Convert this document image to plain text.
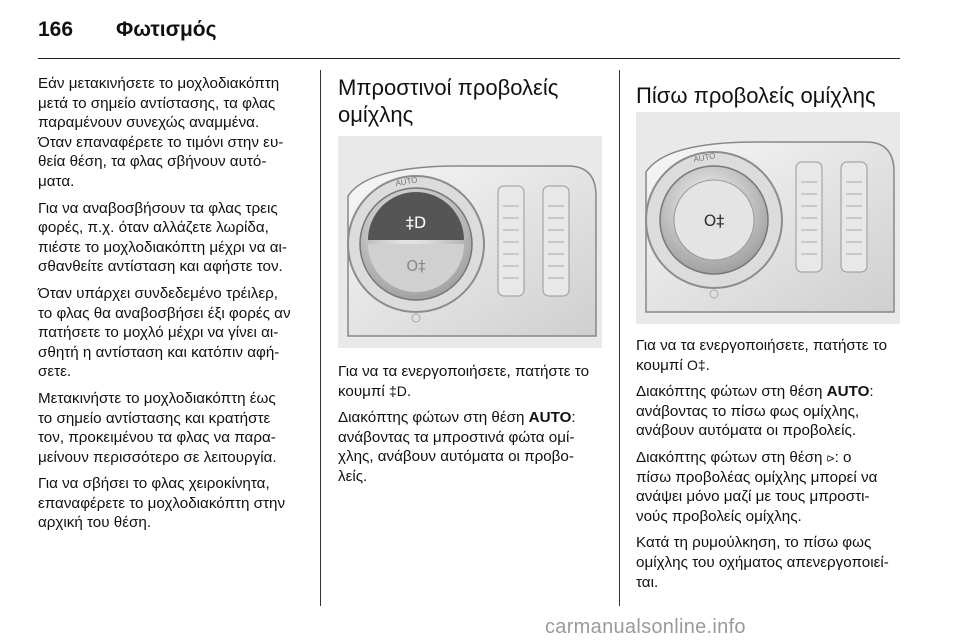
166 Φωτισμός

Εάν μετακινήσετε το μοχλοδιακόπτη
μετά το σημείο αντίστασης, τα φλας
παραμένουν συνεχώς αναμμένα.
Όταν επαναφέρετε το τιμόνι στην ευ-
θεία θέση, τα φλας σβήνουν αυτό-
ματα.

Για να αναβοσβήσουν τα φλας τρεις
φορές, π.χ. όταν αλλάζετε λωρίδα,
πιέστε το μοχλοδιακόπτη μέχρι να αι-
σθανθείτε αντίσταση και αφήστε τον.

Όταν υπάρχει συνδεδεμένο τρέιλερ,
το φλας θα αναβοσβήσει έξι φορές αν
πατήσετε το μοχλό μέχρι να γίνει αι-
σθητή η αντίσταση και κατόπιν αφή-
σετε.

Μετακινήστε το μοχλοδιακόπτη έως
το σημείο αντίστασης και κρατήστε
τον, προκειμένου τα φλας να παρα-
μείνουν περισσότερο σε λειτουργία.

Για να σβήσει το φλας χειροκίνητα,
επαναφέρετε το μοχλοδιακόπτη στην
αρχική του θέση.

Μπροστινοί προβολείς
ομίχλης

Για να τα ενεργοποιήσετε, πατήστε το
κουμπί ‡D.

Διακόπτης φώτων στη θέση AUTO:
ανάβοντας τα μπροστινά φώτα ομί-
χλης, ανάβουν αυτόματα οι προβο-
λείς.

‡D
O‡
AUTO
Πίσω προβολείς ομίχλης

Για να τα ενεργοποιήσετε, πατήστε το
κουμπί O‡.

Διακόπτης φώτων στη θέση AUTO:
ανάβοντας το πίσω φως ομίχλης,
ανάβουν αυτόματα οι προβολείς.

Διακόπτης φώτων στη θέση ⪧: ο
πίσω προβολέας ομίχλης μπορεί να
ανάψει μόνο μαζί με τους μπροστι-
νούς προβολείς ομίχλης.

Κατά τη ρυμούλκηση, το πίσω φως
ομίχλης του οχήματος απενεργοποιεί-
ται.

O‡
AUTO
carmanualsonline.info
